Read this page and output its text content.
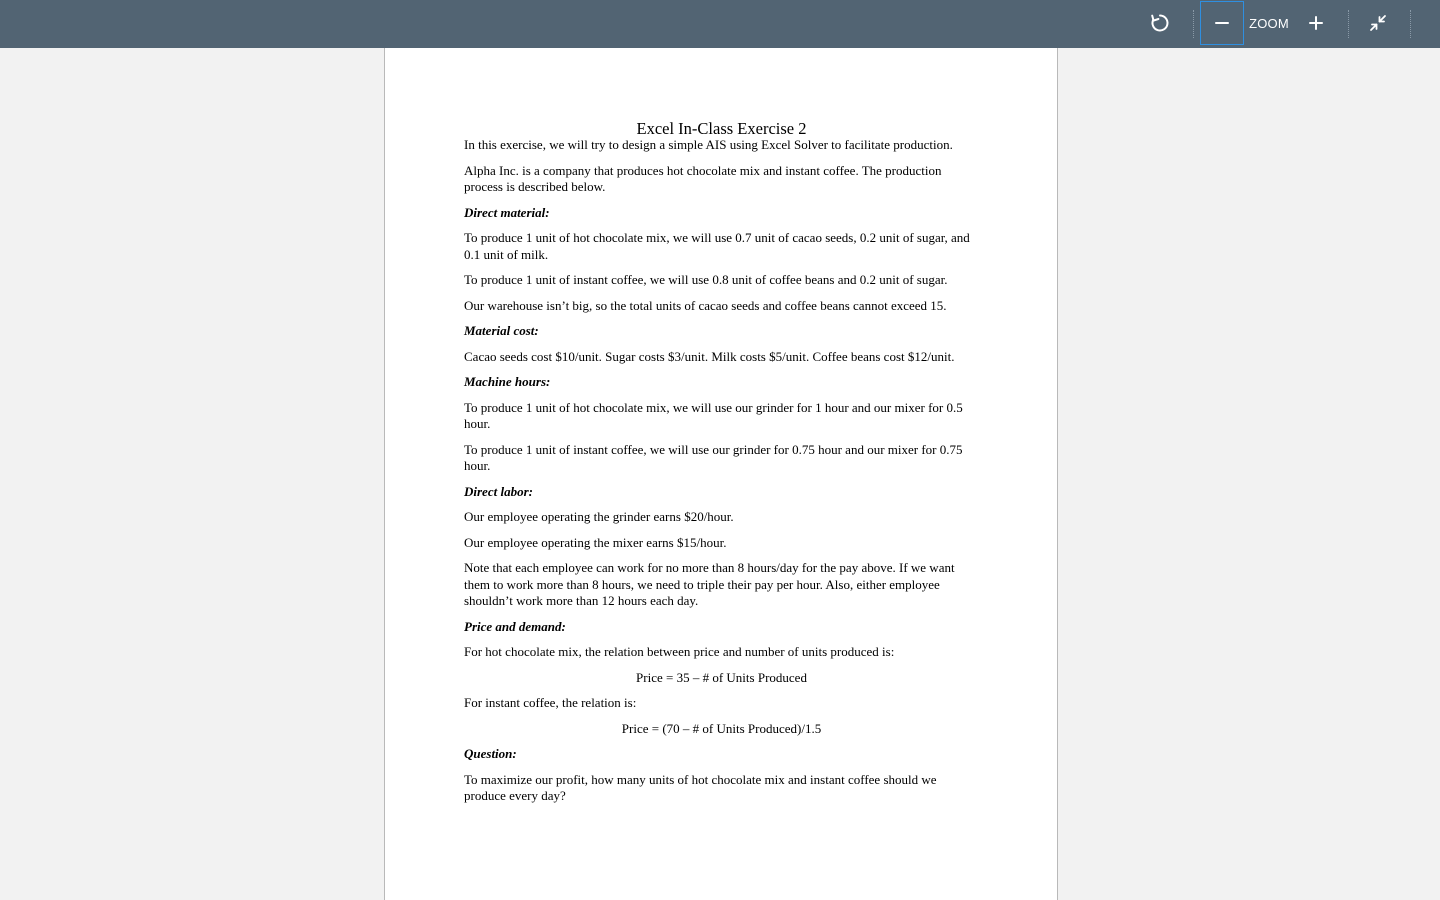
ZOOM
Excel In-Class Exercise 2

In this exercise, we will try to design a simple AIS using Excel Solver to facilitate production.

Alpha Inc. is a company that produces hot chocolate mix and instant coffee. The production process is described below.

Direct material:

To produce 1 unit of hot chocolate mix, we will use 0.7 unit of cacao seeds, 0.2 unit of sugar, and 0.1 unit of milk.

To produce 1 unit of instant coffee, we will use 0.8 unit of coffee beans and 0.2 unit of sugar.

Our warehouse isn’t big, so the total units of cacao seeds and coffee beans cannot exceed 15.

Material cost:

Cacao seeds cost $10/unit. Sugar costs $3/unit. Milk costs $5/unit. Coffee beans cost $12/unit.

Machine hours:

To produce 1 unit of hot chocolate mix, we will use our grinder for 1 hour and our mixer for 0.5 hour.

To produce 1 unit of instant coffee, we will use our grinder for 0.75 hour and our mixer for 0.75 hour.

Direct labor:

Our employee operating the grinder earns $20/hour.

Our employee operating the mixer earns $15/hour.

Note that each employee can work for no more than 8 hours/day for the pay above. If we want them to work more than 8 hours, we need to triple their pay per hour. Also, either employee shouldn’t work more than 12 hours each day.

Price and demand:

For hot chocolate mix, the relation between price and number of units produced is:

Price = 35 – # of Units Produced

For instant coffee, the relation is:

Price = (70 – # of Units Produced)/1.5

Question:

To maximize our profit, how many units of hot chocolate mix and instant coffee should we produce every day?
